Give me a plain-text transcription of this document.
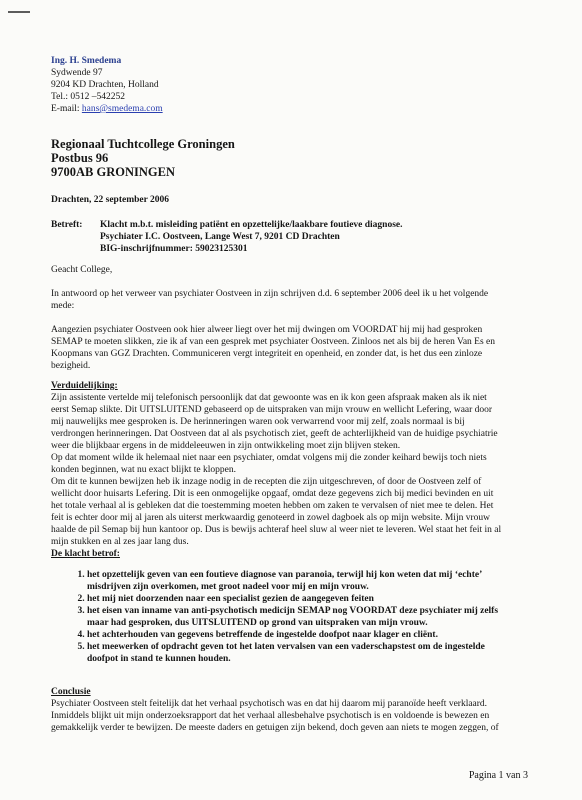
Ing. H. Smedema
Sydwende 97
9204 KD Drachten, Holland
Tel.: 0512 –542252
E-mail: hans@smedema.com
Regionaal Tuchtcollege Groningen
Postbus 96
9700AB GRONINGEN
Drachten, 22 september 2006
Betreft: Klacht m.b.t. misleiding patiënt en opzettelijke/laakbare foutieve diagnose.
Psychiater I.C. Oostveen, Lange West 7, 9201 CD Drachten
BIG-inschrijfnummer: 59023125301
Geacht College,
In antwoord op het verweer van psychiater Oostveen in zijn schrijven d.d. 6 september 2006 deel ik u het volgende
mede:
Aangezien psychiater Oostveen ook hier alweer liegt over het mij dwingen om VOORDAT hij mij had gesproken
SEMAP te moeten slikken, zie ik af van een gesprek met psychiater Oostveen. Zinloos net als bij de heren Van Es en
Koopmans van GGZ Drachten. Communiceren vergt integriteit en openheid, en zonder dat, is het dus een zinloze
bezigheid.
Verduidelijking:
Zijn assistente vertelde mij telefonisch persoonlijk dat dat gewoonte was en ik kon geen afspraak maken als ik niet
eerst Semap slikte. Dit UITSLUITEND gebaseerd op de uitspraken van mijn vrouw en wellicht Lefering, waar door
mij nauwelijks mee gesproken is. De herinneringen waren ook verwarrend voor mij zelf, zoals normaal is bij
verdrongen herinneringen. Dat Oostveen dat al als psychotisch ziet, geeft de achterlijkheid van de huidige psychiatrie
weer die blijkbaar ergens in de middeleeuwen in zijn ontwikkeling moet zijn blijven steken.
Op dat moment wilde ik helemaal niet naar een psychiater, omdat volgens mij die zonder keihard bewijs toch niets
konden beginnen, wat nu exact blijkt te kloppen.
Om dit te kunnen bewijzen heb ik inzage nodig in de recepten die zijn uitgeschreven, of door de Oostveen zelf of
wellicht door huisarts Lefering. Dit is een onmogelijke opgaaf, omdat deze gegevens zich bij medici bevinden en uit
het totale verhaal al is gebleken dat die toestemming moeten hebben om zaken te vervalsen of niet mee te delen. Het
feit is echter door mij al jaren als uiterst merkwaardig genoteerd in zowel dagboek als op mijn website. Mijn vrouw
haalde de pil Semap bij hun kantoor op. Dus is bewijs achteraf heel sluw al weer niet te leveren. Wel staat het feit in al
mijn stukken en al zes jaar lang dus.
De klacht betrof:
1. het opzettelijk geven van een foutieve diagnose van paranoia, terwijl hij kon weten dat mij ‘echte’
misdrijven zijn overkomen, met groot nadeel voor mij en mijn vrouw.
2. het mij niet doorzenden naar een specialist gezien de aangegeven feiten
3. het eisen van inname van anti-psychotisch medicijn SEMAP nog VOORDAT deze psychiater mij zelfs
maar had gesproken, dus UITSLUITEND op grond van uitspraken van mijn vrouw.
4. het achterhouden van gegevens betreffende de ingestelde doofpot naar klager en cliënt.
5. het meewerken of opdracht geven tot het laten vervalsen van een vaderschapstest om de ingestelde
doofpot in stand te kunnen houden.
Conclusie
Psychiater Oostveen stelt feitelijk dat het verhaal psychotisch was en dat hij daarom mij paranoïde heeft verklaard.
Inmiddels blijkt uit mijn onderzoeksrapport dat het verhaal allesbehalve psychotisch is en voldoende is bewezen en
gemakkelijk verder te bewijzen. De meeste daders en getuigen zijn bekend, doch geven aan niets te mogen zeggen, of
Pagina 1 van 3
